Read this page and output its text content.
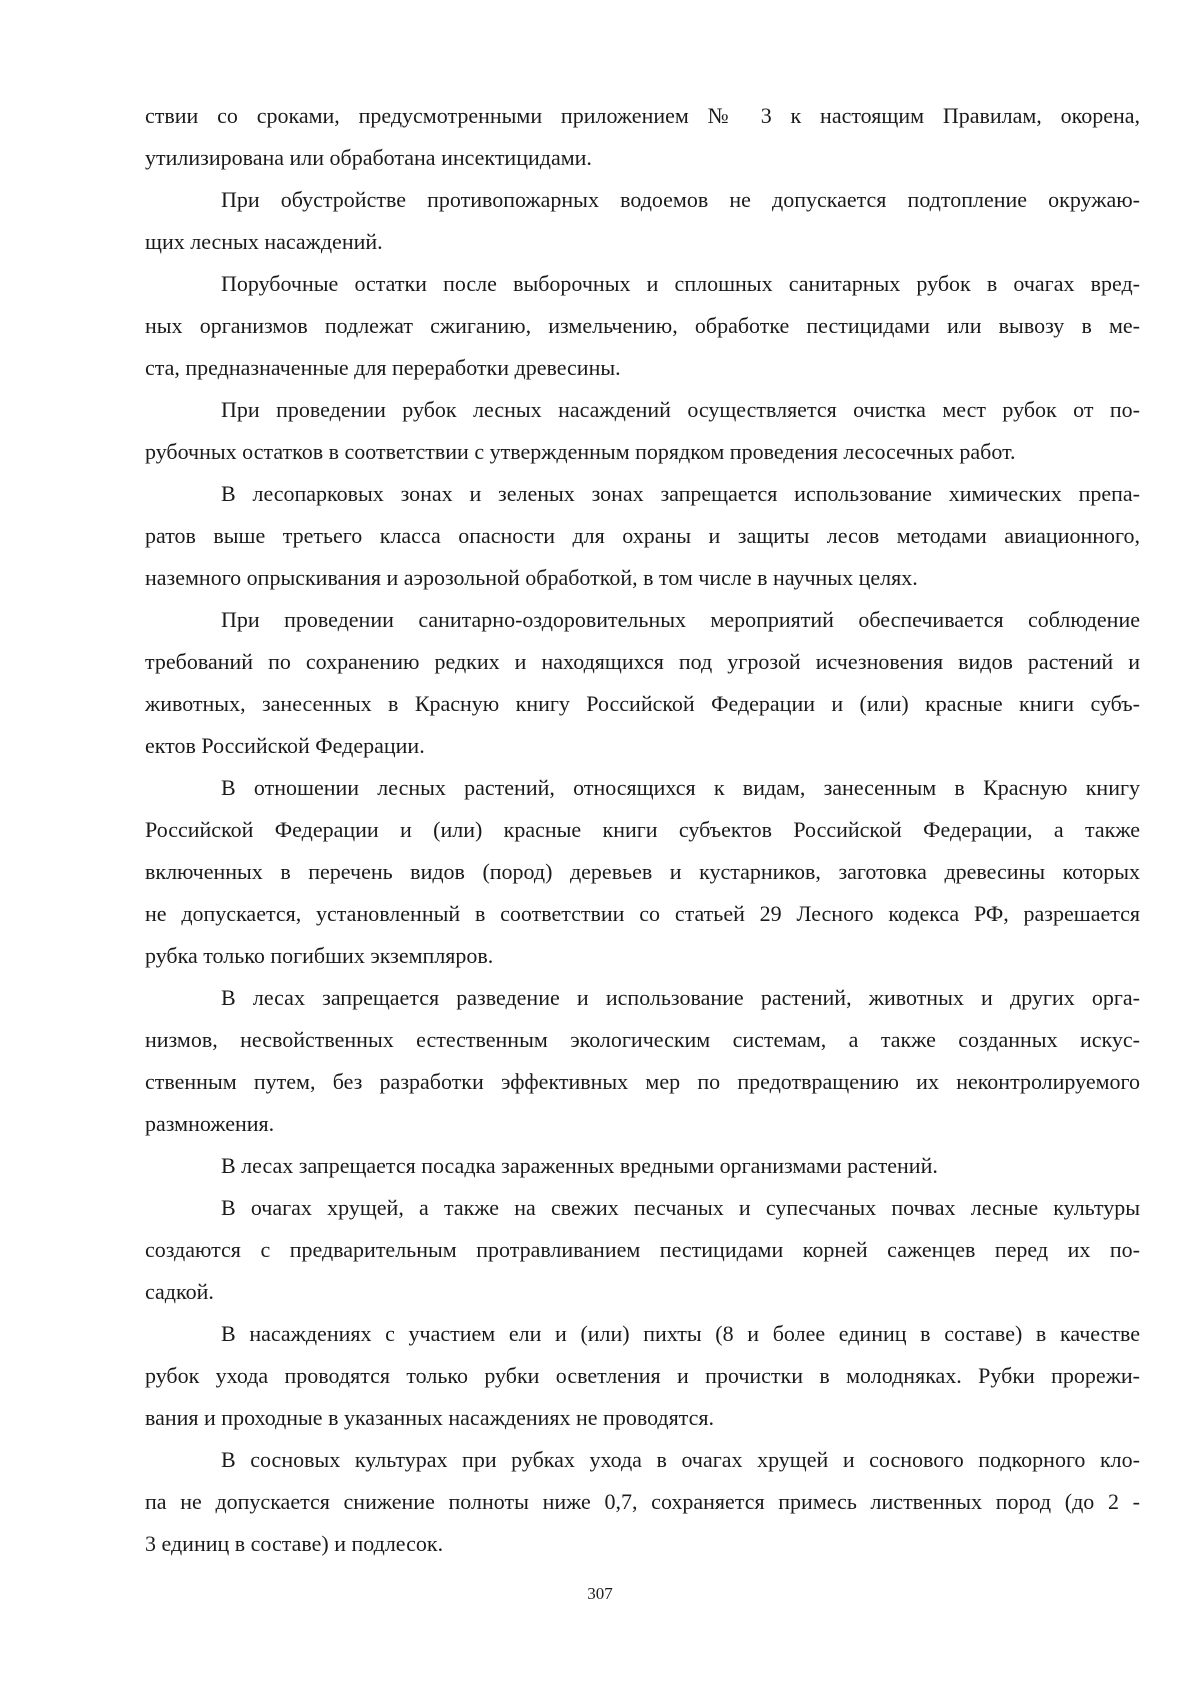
ствии со сроками, предусмотренными приложением № 3 к настоящим Правилам, окорена,
утилизирована или обработана инсектицидами.
При обустройстве противопожарных водоемов не допускается подтопление окружаю-
щих лесных насаждений.
Порубочные остатки после выборочных и сплошных санитарных рубок в очагах вред-
ных организмов подлежат сжиганию, измельчению, обработке пестицидами или вывозу в ме-
ста, предназначенные для переработки древесины.
При проведении рубок лесных насаждений осуществляется очистка мест рубок от по-
рубочных остатков в соответствии с утвержденным порядком проведения лесосечных работ.
В лесопарковых зонах и зеленых зонах запрещается использование химических препа-
ратов выше третьего класса опасности для охраны и защиты лесов методами авиационного,
наземного опрыскивания и аэрозольной обработкой, в том числе в научных целях.
При проведении санитарно-оздоровительных мероприятий обеспечивается соблюдение
требований по сохранению редких и находящихся под угрозой исчезновения видов растений и
животных, занесенных в Красную книгу Российской Федерации и (или) красные книги субъ-
ектов Российской Федерации.
В отношении лесных растений, относящихся к видам, занесенным в Красную книгу
Российской Федерации и (или) красные книги субъектов Российской Федерации, а также
включенных в перечень видов (пород) деревьев и кустарников, заготовка древесины которых
не допускается, установленный в соответствии со статьей 29 Лесного кодекса РФ, разрешается
рубка только погибших экземпляров.
В лесах запрещается разведение и использование растений, животных и других орга-
низмов, несвойственных естественным экологическим системам, а также созданных искус-
ственным путем, без разработки эффективных мер по предотвращению их неконтролируемого
размножения.
В лесах запрещается посадка зараженных вредными организмами растений.
В очагах хрущей, а также на свежих песчаных и супесчаных почвах лесные культуры
создаются с предварительным протравливанием пестицидами корней саженцев перед их по-
садкой.
В насаждениях с участием ели и (или) пихты (8 и более единиц в составе) в качестве
рубок ухода проводятся только рубки осветления и прочистки в молодняках. Рубки прорежи-
вания и проходные в указанных насаждениях не проводятся.
В сосновых культурах при рубках ухода в очагах хрущей и соснового подкорного кло-
па не допускается снижение полноты ниже 0,7, сохраняется примесь лиственных пород (до 2 -
3 единиц в составе) и подлесок.
307
